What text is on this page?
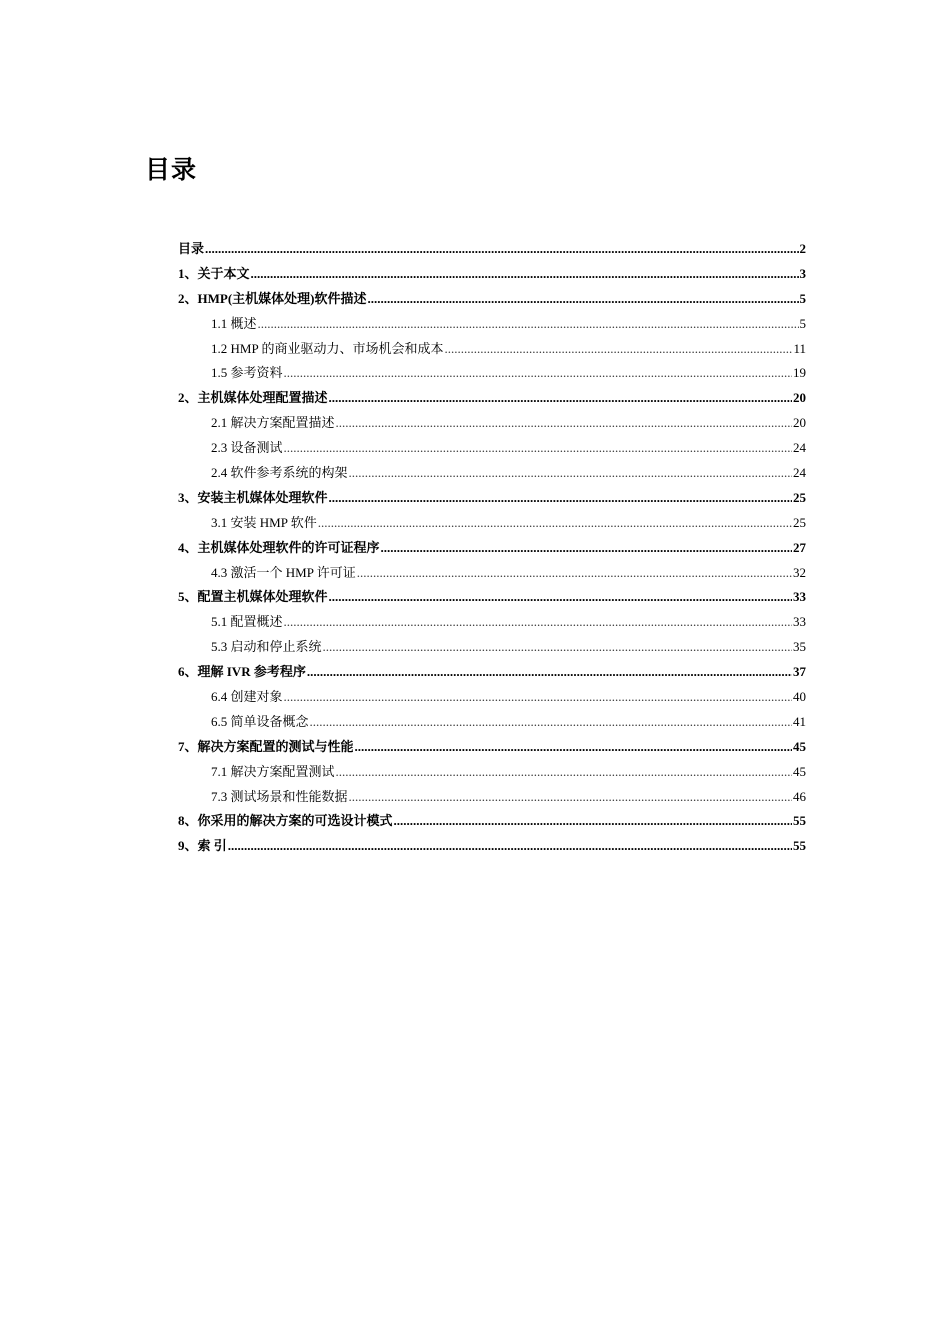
目录
目录 .....	2
1、关于本文 .....	3
2、HMP(主机媒体处理)软件描述 .....	5
1.1 概述 .....	5
1.2 HMP 的商业驱动力、市场机会和成本 .....	11
1.5 参考资料 .....	19
2、主机媒体处理配置描述 .....	20
2.1 解决方案配置描述 .....	20
2.3 设备测试 .....	24
2.4 软件参考系统的构架 .....	24
3、安装主机媒体处理软件 .....	25
3.1 安装 HMP 软件 .....	25
4、主机媒体处理软件的许可证程序 .....	27
4.3 激活一个 HMP 许可证 .....	32
5、配置主机媒体处理软件 .....	33
5.1 配置概述 .....	33
5.3 启动和停止系统 .....	35
6、理解 IVR 参考程序 .....	37
6.4 创建对象 .....	40
6.5 简单设备概念 .....	41
7、解决方案配置的测试与性能 .....	45
7.1 解决方案配置测试 .....	45
7.3 测试场景和性能数据 .....	46
8、你采用的解决方案的可选设计模式 .....	55
9、索 引 .....	55
